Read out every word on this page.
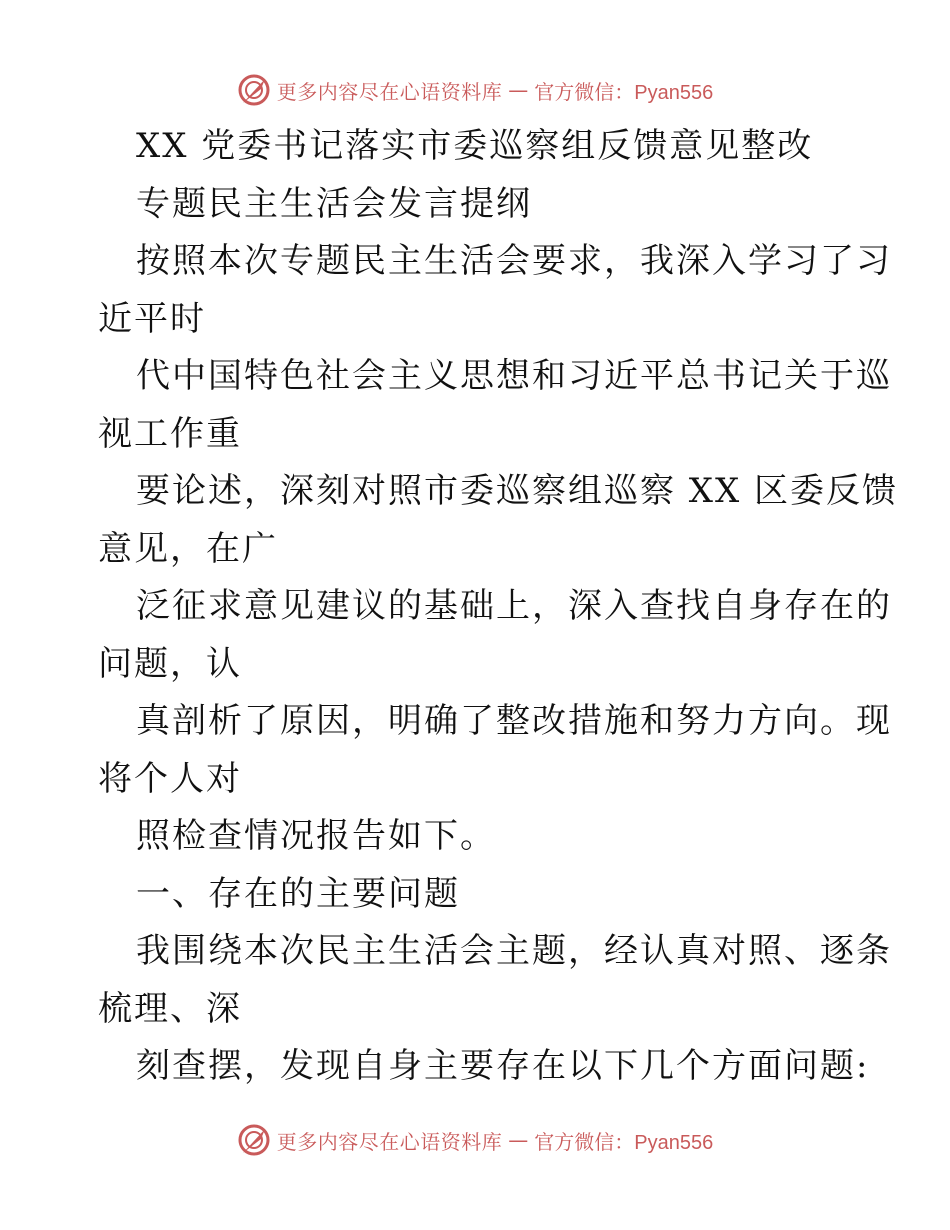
更多内容尽在心语资料库 — 官方微信：Pyan556
XX 党委书记落实市委巡察组反馈意见整改
专题民主生活会发言提纲
按照本次专题民主生活会要求，我深入学习了习
近平时
代中国特色社会主义思想和习近平总书记关于巡
视工作重
要论述，深刻对照市委巡察组巡察 XX 区委反馈
意见，在广
泛征求意见建议的基础上，深入查找自身存在的
问题，认
真剖析了原因，明确了整改措施和努力方向。现
将个人对
照检查情况报告如下。
一、存在的主要问题
我围绕本次民主生活会主题，经认真对照、逐条
梳理、深
刻查摆，发现自身主要存在以下几个方面问题:
更多内容尽在心语资料库 — 官方微信：Pyan556
